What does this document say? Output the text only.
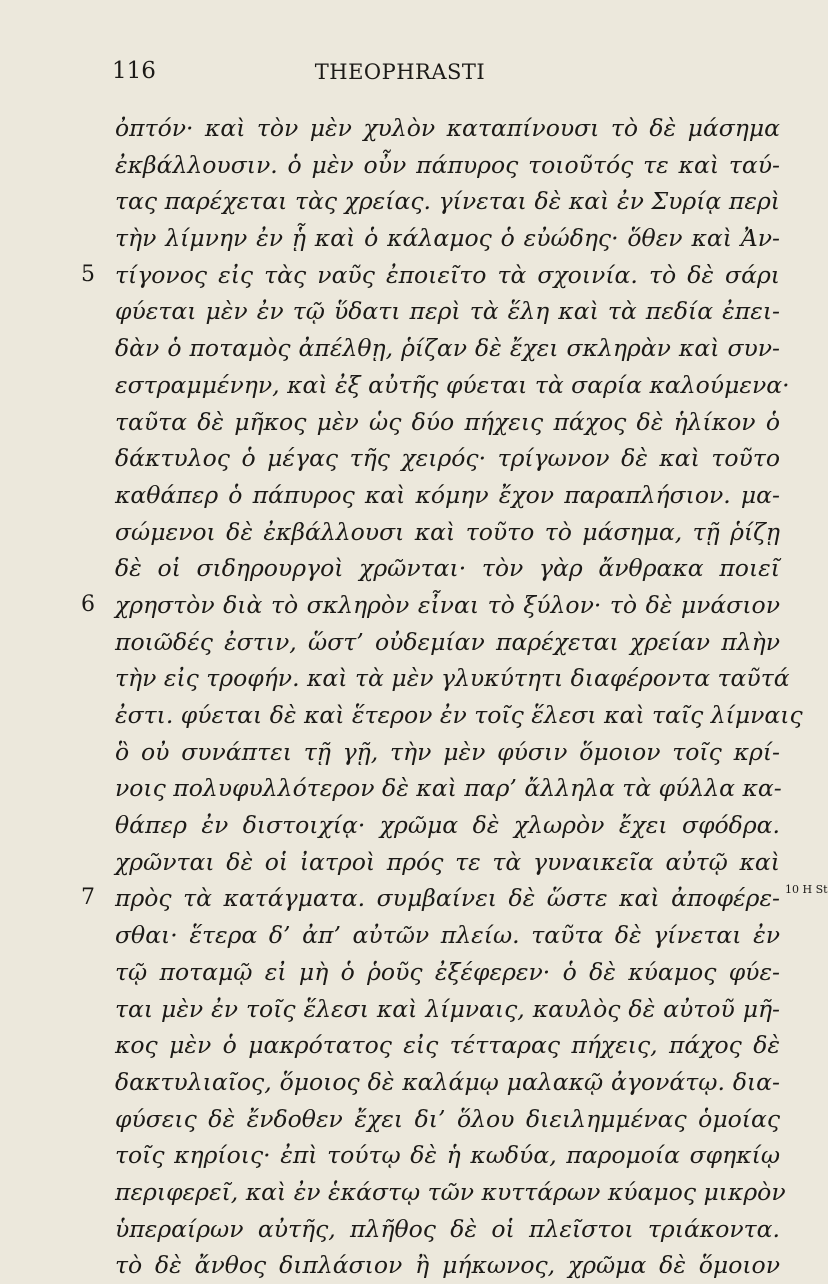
116	THEOPHRASTI
ὀπτόν· καὶ τὸν μὲν χυλὸν καταπίνουσι τὸ δὲ μάσημα
ἐκβάλλουσιν. ὁ μὲν οὖν πάπυρος τοιοῦτός τε καὶ ταύ-
τας παρέχεται τὰς χρείας. γίνεται δὲ καὶ ἐν Συρίᾳ περὶ
τὴν λίμνην ἐν ᾗ καὶ ὁ κάλαμος ὁ εὐώδης· ὅθεν καὶ Ἀν-
5 τίγονος εἰς τὰς ναῦς ἐποιεῖτο τὰ σχοινία. τὸ δὲ σάρι
φύεται μὲν ἐν τῷ ὕδατι περὶ τὰ ἕλη καὶ τὰ πεδία ἐπει-
δὰν ὁ ποταμὸς ἀπέλθῃ, ῥίζαν δὲ ἔχει σκληρὰν καὶ συν-
εστραμμένην, καὶ ἐξ αὐτῆς φύεται τὰ σαρία καλούμενα·
ταῦτα δὲ μῆκος μὲν ὡς δύο πήχεις πάχος δὲ ἡλίκον ὁ
δάκτυλος ὁ μέγας τῆς χειρός· τρίγωνον δὲ καὶ τοῦτο
καθάπερ ὁ πάπυρος καὶ κόμην ἔχον παραπλήσιον. μα-
σώμενοι δὲ ἐκβάλλουσι καὶ τοῦτο τὸ μάσημα, τῇ ῥίζῃ
δὲ οἱ σιδηρουργοὶ χρῶνται· τὸν γὰρ ἄνθρακα ποιεῖ
6 χρηστὸν διὰ τὸ σκληρὸν εἶναι τὸ ξύλον· τὸ δὲ μνάσιον
ποιῶδές ἐστιν, ὥστ’ οὐδεμίαν παρέχεται χρείαν πλὴν
τὴν εἰς τροφήν. καὶ τὰ μὲν γλυκύτητι διαφέροντα ταῦτά
ἐστι. φύεται δὲ καὶ ἕτερον ἐν τοῖς ἕλεσι καὶ ταῖς λίμναις
ὃ οὐ συνάπτει τῇ γῇ, τὴν μὲν φύσιν ὅμοιον τοῖς κρί-
νοις πολυφυλλότερον δὲ καὶ παρ’ ἄλληλα τὰ φύλλα κα-
θάπερ ἐν διστοιχίᾳ· χρῶμα δὲ χλωρὸν ἔχει σφόδρα.
χρῶνται δὲ οἱ ἰατροὶ πρός τε τὰ γυναικεῖα αὐτῷ καὶ
7 πρὸς τὰ κατάγματα. συμβαίνει δὲ ὥστε καὶ ἀποφέρε- 10 H St
σθαι· ἕτερα δ’ ἀπ’ αὐτῶν πλείω. ταῦτα δὲ γίνεται ἐν
τῷ ποταμῷ εἰ μὴ ὁ ῥοῦς ἐξέφερεν· ὁ δὲ κύαμος φύε-
ται μὲν ἐν τοῖς ἕλεσι καὶ λίμναις, καυλὸς δὲ αὐτοῦ μῆ-
κος μὲν ὁ μακρότατος εἰς τέτταρας πήχεις, πάχος δὲ
δακτυλιαῖος, ὅμοιος δὲ καλάμῳ μαλακῷ ἀγονάτῳ. δια-
φύσεις δὲ ἔνδοθεν ἔχει δι’ ὅλου διειλημμένας ὁμοίας
τοῖς κηρίοις· ἐπὶ τούτῳ δὲ ἡ κωδύα, παρομοία σφηκίῳ
περιφερεῖ, καὶ ἐν ἑκάστῳ τῶν κυττάρων κύαμος μικρὸν
ὑπεραίρων αὐτῆς, πλῆθος δὲ οἱ πλεῖστοι τριάκοντα.
τὸ δὲ ἄνθος διπλάσιον ἢ μήκωνος, χρῶμα δὲ ὅμοιον
